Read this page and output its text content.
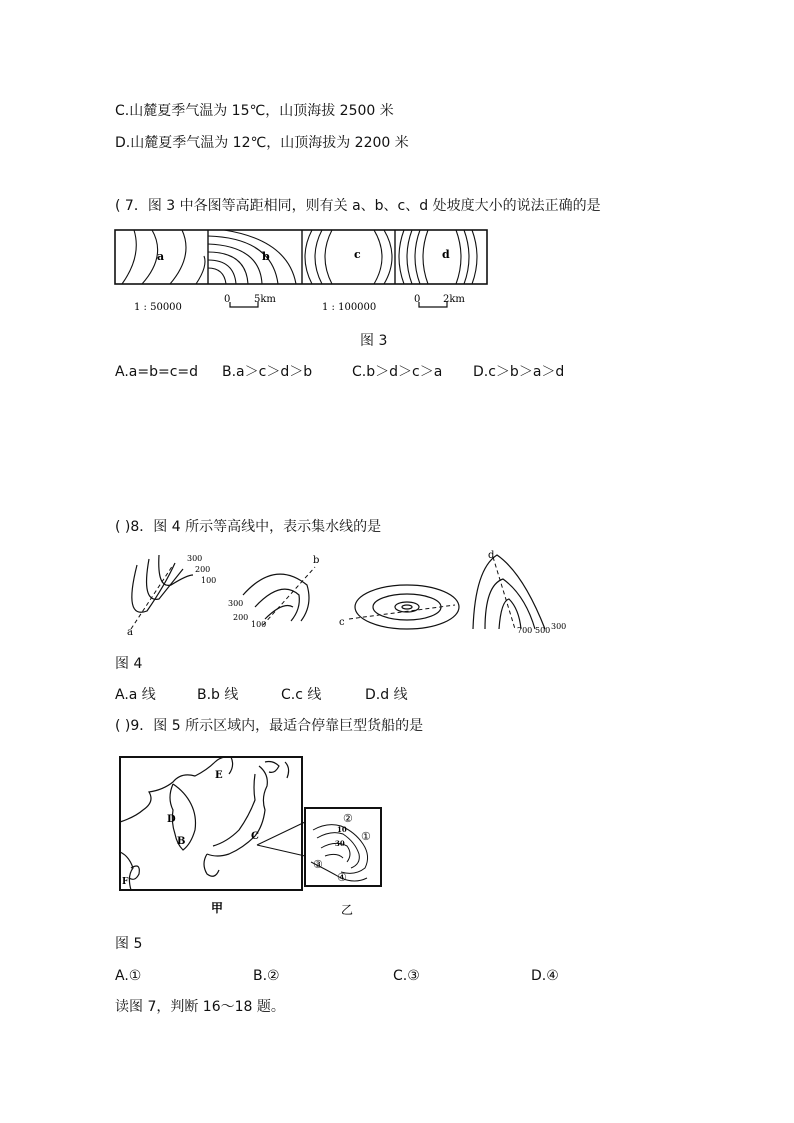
C.山麓夏季气温为 15℃，山顶海拔 2500 米
D.山麓夏季气温为 12℃，山顶海拔为 2200 米
( 7．图 3 中各图等高距相同，则有关 a、b、c、d 处坡度大小的说法正确的是
a	b	c	d
1 : 50000
0 5km
1 : 100000
0 2km
图 3
A.a=b=c=d B.a＞c＞d＞b	C.b＞d＞c＞a D.c＞b＞a＞d
( )8．图 4 所示等高线中，表示集水线的是
300
200
100
a
300
200
100
b
c
700 500 300
d
图 4
A.a 线	B.b 线	C.c 线	D.d 线
( )9．图 5 所示区域内，最适合停靠巨型货船的是
E
D
B	C
F
②
①
③
④
10
30
甲	乙
图 5
A.①	B.②	C.③	D.④
读图 7，判断 16～18 题。
